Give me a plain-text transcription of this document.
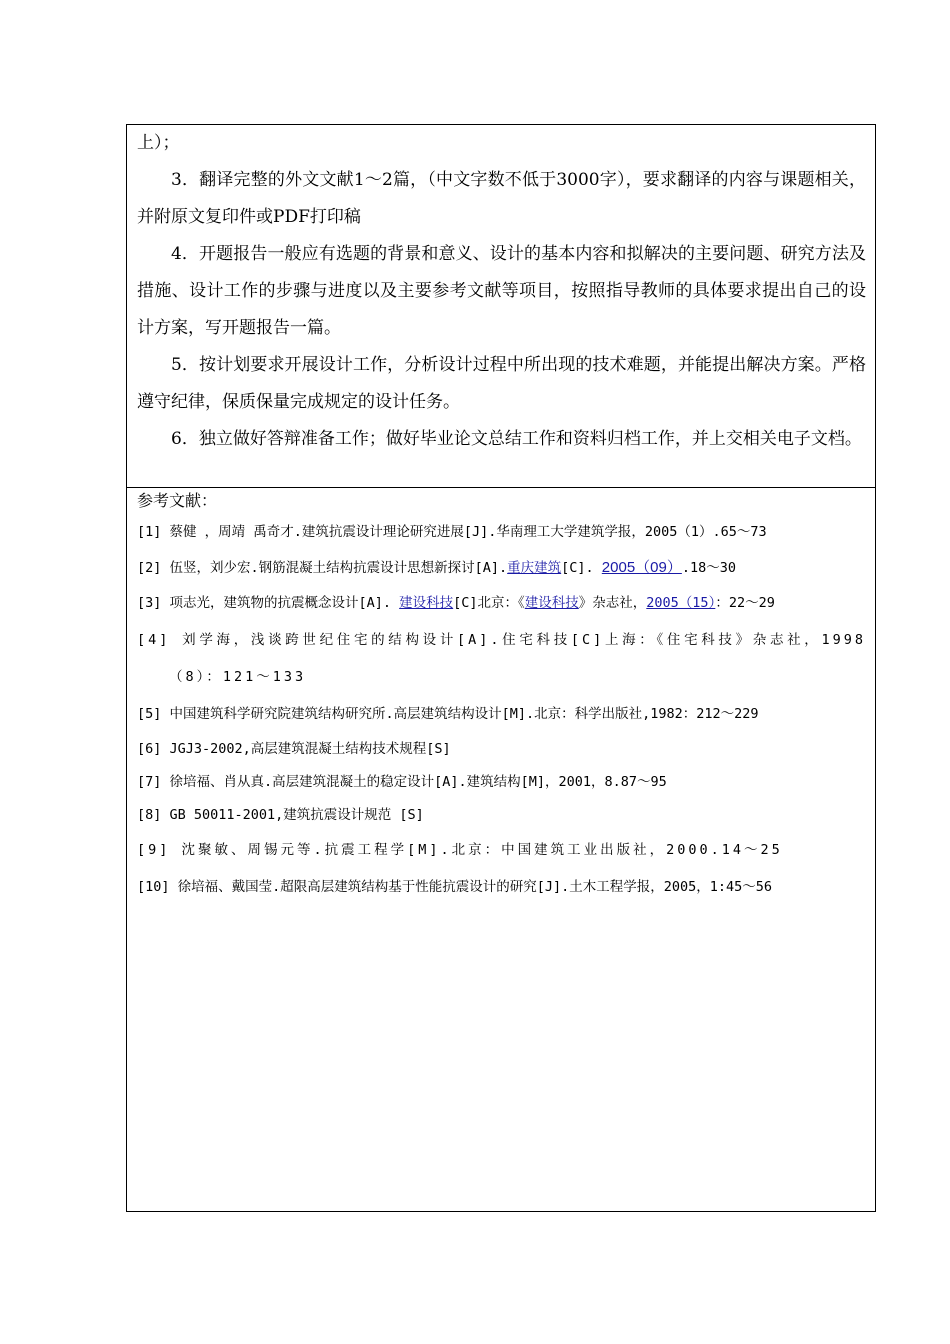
上）；

3．翻译完整的外文文献1～2篇，（中文字数不低于3000字），要求翻译的内容与课题相关，并附原文复印件或PDF打印稿

4．开题报告一般应有选题的背景和意义、设计的基本内容和拟解决的主要问题、研究方法及措施、设计工作的步骤与进度以及主要参考文献等项目，按照指导教师的具体要求提出自己的设计方案，写开题报告一篇。

5．按计划要求开展设计工作，分析设计过程中所出现的技术难题，并能提出解决方案。严格遵守纪律，保质保量完成规定的设计任务。

6．独立做好答辩准备工作；做好毕业论文总结工作和资料归档工作，并上交相关电子文档。

参考文献：

[1] 蔡健 ，周靖 禹奇才.建筑抗震设计理论研究进展[J].华南理工大学建筑学报，2005（1）.65～73
[2] 伍竖，刘少宏.钢筋混凝土结构抗震设计思想新探讨[A].重庆建筑[C]. 2005（09）.18～30
[3] 项志光，建筑物的抗震概念设计[A]. 建设科技[C]北京：《建设科技》杂志社，2005（15）：22～29
[4] 刘学海，浅谈跨世纪住宅的结构设计[A].住宅科技[C]上海：《住宅科技》杂志社，1998（8）：121～133
[5] 中国建筑科学研究院建筑结构研究所.高层建筑结构设计[M].北京：科学出版社,1982：212～229
[6] JGJ3-2002,高层建筑混凝土结构技术规程[S]
[7] 徐培福、肖从真.高层建筑混凝土的稳定设计[A].建筑结构[M]，2001，8.87～95
[8] GB 50011-2001,建筑抗震设计规范 [S]
[9] 沈聚敏、周锡元等.抗震工程学[M].北京：中国建筑工业出版社，2000.14～25
[10] 徐培福、戴国莹.超限高层建筑结构基于性能抗震设计的研究[J].土木工程学报，2005，1:45～56
